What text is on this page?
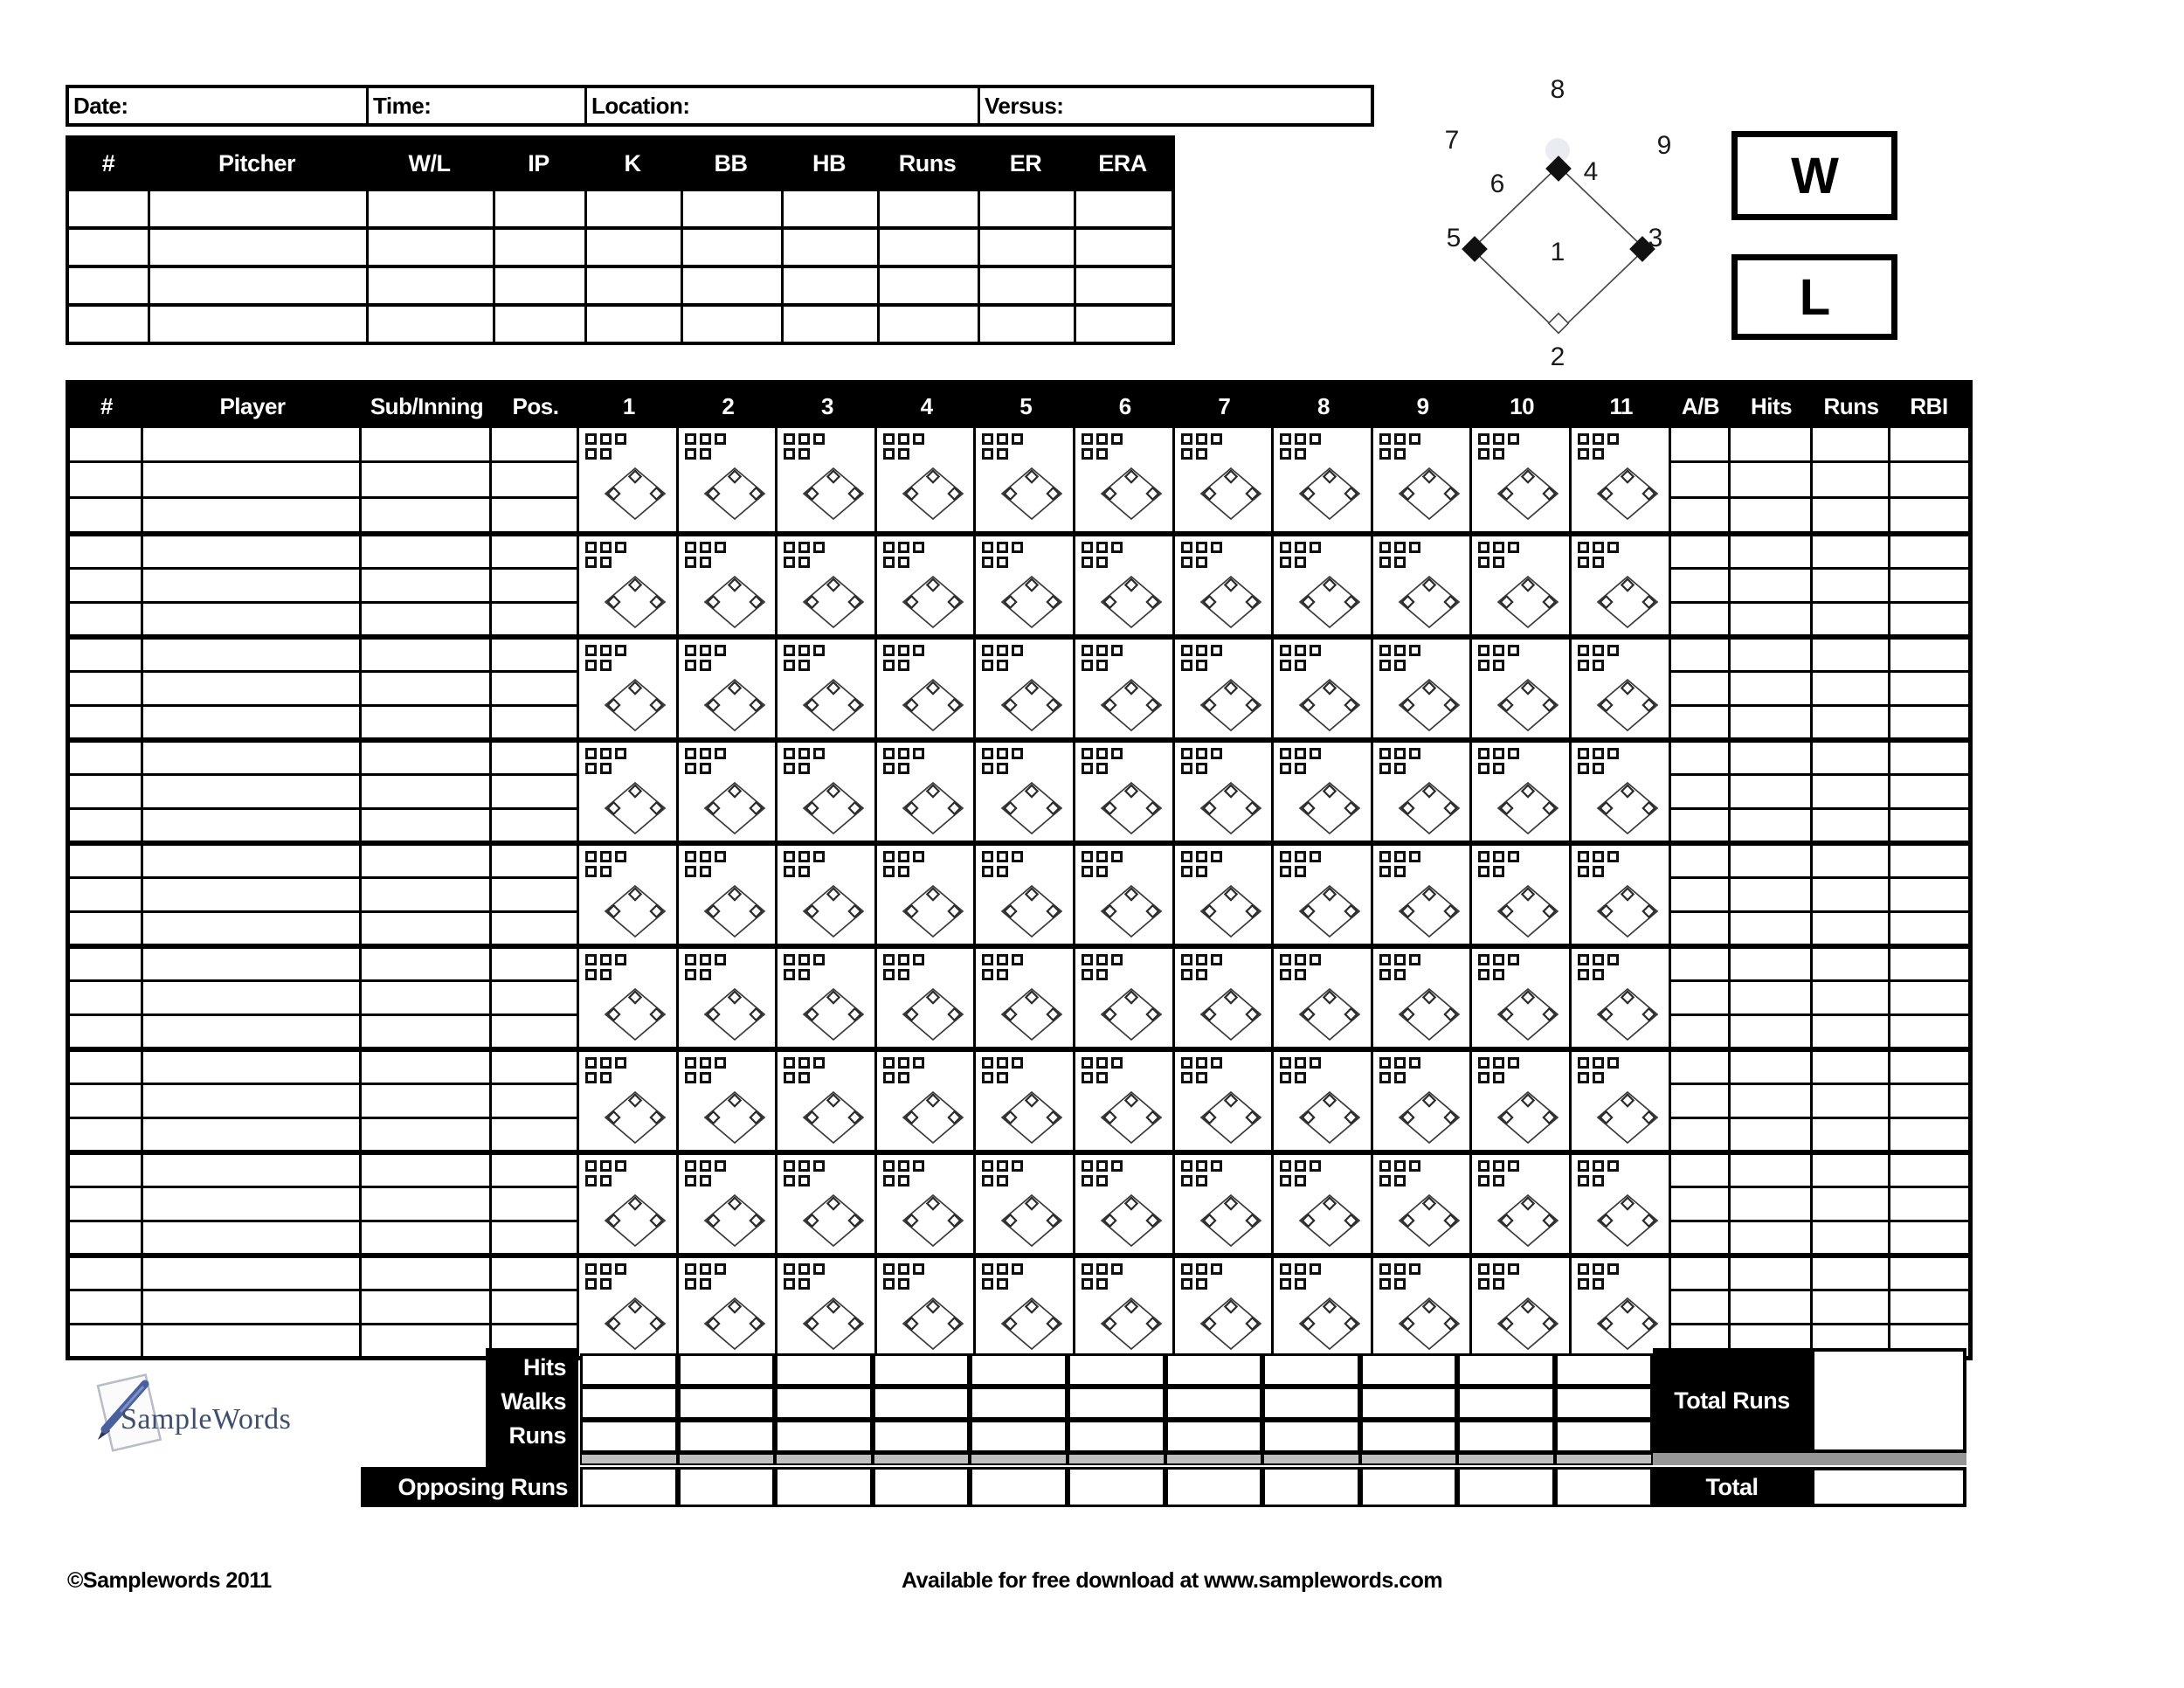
Date:	Time:	Location:	Versus:
#	Pitcher	W/L	IP	K	BB	HB	Runs	ER	ERA
8
7	9
6	4
5	3
1
2
W
L
#	Player	Sub/Inning	Pos.	1	2	3	4	5	6	7	8	9	10	11	A/B	Hits	Runs	RBI
Hits
Walks
Runs
Opposing Runs
Total Runs
Total
SampleWords
©Samplewords 2011	Available for free download at www.samplewords.com
